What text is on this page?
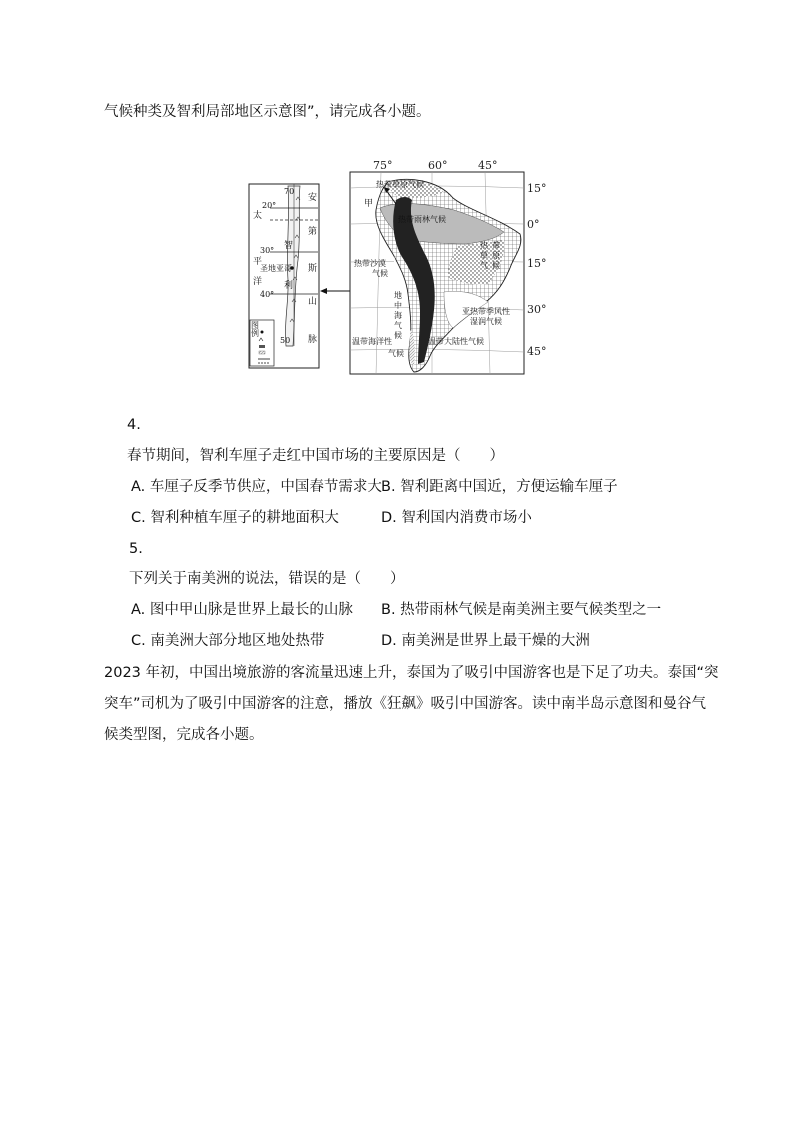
气候种类及智利局部地区示意图”，请完成各小题。
70
20°
30°
40°
50
太
平
洋
智
利
圣地亚哥
安
第
斯
山
脉
图
例
75°	60°	45°
15°
0°
15°
30°
45°
热带草原气候
甲
热带雨林气候
热 带
草 原
气 候
热带沙漠
气候
地
中
海
气
候
亚热带季风性
湿润气候
温带海洋性
气候
温带大陆性气候
4.
春节期间，智利车厘子走红中国市场的主要原因是（　　）
A. 车厘子反季节供应，中国春节需求大 B. 智利距离中国近，方便运输车厘子
C. 智利种植车厘子的耕地面积大	D. 智利国内消费市场小
5.
下列关于南美洲的说法，错误的是（　　）
A. 图中甲山脉是世界上最长的山脉 B. 热带雨林气候是南美洲主要气候类型之一
C. 南美洲大部分地区地处热带	D. 南美洲是世界上最干燥的大洲
2023 年初，中国出境旅游的客流量迅速上升，泰国为了吸引中国游客也是下足了功夫。泰国“突
突车”司机为了吸引中国游客的注意，播放《狂飙》吸引中国游客。读中南半岛示意图和曼谷气
候类型图，完成各小题。
